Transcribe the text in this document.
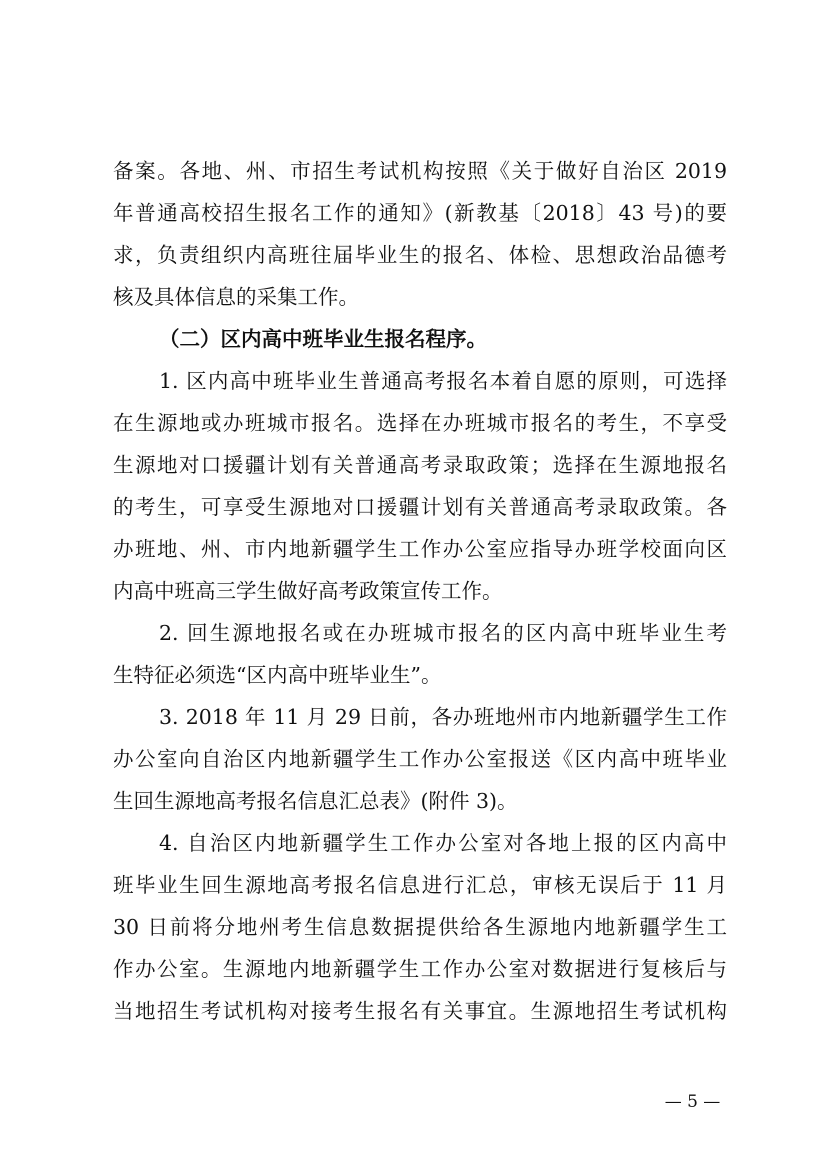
备案。各地、州、市招生考试机构按照《关于做好自治区 2019
年普通高校招生报名工作的通知》(新教基〔2018〕43 号)的要
求，负责组织内高班往届毕业生的报名、体检、思想政治品德考
核及具体信息的采集工作。
（二）区内高中班毕业生报名程序。
1. 区内高中班毕业生普通高考报名本着自愿的原则，可选择
在生源地或办班城市报名。选择在办班城市报名的考生，不享受
生源地对口援疆计划有关普通高考录取政策；选择在生源地报名
的考生，可享受生源地对口援疆计划有关普通高考录取政策。各
办班地、州、市内地新疆学生工作办公室应指导办班学校面向区
内高中班高三学生做好高考政策宣传工作。
2. 回生源地报名或在办班城市报名的区内高中班毕业生考
生特征必须选“区内高中班毕业生”。
3. 2018 年 11 月 29 日前，各办班地州市内地新疆学生工作
办公室向自治区内地新疆学生工作办公室报送《区内高中班毕业
生回生源地高考报名信息汇总表》(附件 3)。
4. 自治区内地新疆学生工作办公室对各地上报的区内高中
班毕业生回生源地高考报名信息进行汇总，审核无误后于 11 月
30 日前将分地州考生信息数据提供给各生源地内地新疆学生工
作办公室。生源地内地新疆学生工作办公室对数据进行复核后与
当地招生考试机构对接考生报名有关事宜。生源地招生考试机构
— 5 —
